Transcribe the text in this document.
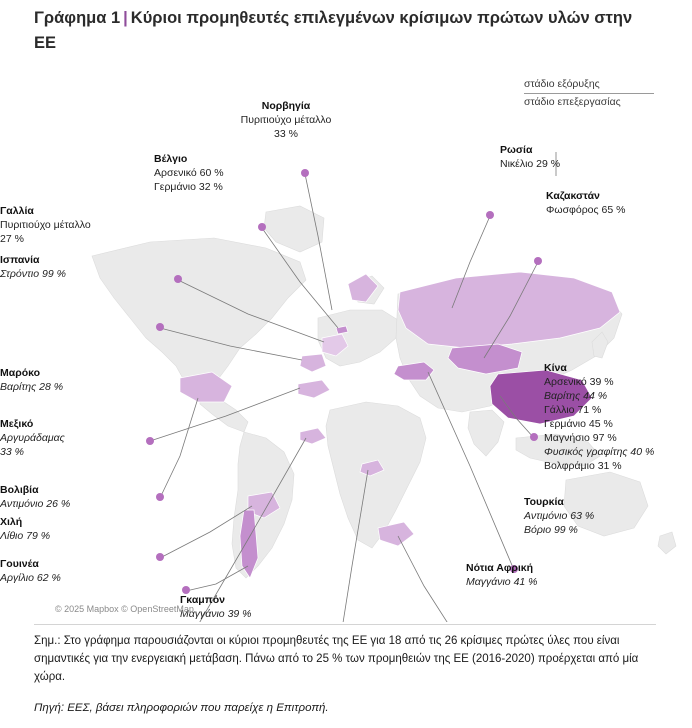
Γράφημα 1 | Κύριοι προμηθευτές επιλεγμένων κρίσιμων πρώτων υλών στην ΕΕ
στάδιο εξόρυξης
στάδιο επεξεργασίας
Νορβηγία
Πυριτιούχο μέταλλο
33 %
Βέλγιο
Αρσενικό 60 %
Γερμάνιο 32 %
Γαλλία
Πυριτιούχο μέταλλο
27 %
Ισπανία
Στρόντιο 99 %
Μαρόκο
Βαρίτης 28 %
Μεξικό
Αργυράδαμας
33 %
Βολιβία
Αντιμόνιο 26 %
Χιλή
Λίθιο 79 %
Γουινέα
Αργίλιο 62 %
Γκαμπόν
Μαγγάνιο 39 %
Νότια Αφρική
Μαγγάνιο 41 %
Τουρκία
Αντιμόνιο 63 %
Βόριο 99 %
Κίνα
Αρσενικό 39 %
Βαρίτης 44 %
Γάλλιο 71 %
Γερμάνιο 45 %
Μαγνήσιο 97 %
Φυσικός γραφίτης 40 %
Βολφράμιο 31 %
Καζακστάν
Φωσφόρος 65 %
Ρωσία
Νικέλιο 29 %
© 2025 Mapbox © OpenStreetMap
Σημ.: Στο γράφημα παρουσιάζονται οι κύριοι προμηθευτές της ΕΕ για 18 από τις 26 κρίσιμες πρώτες ύλες που είναι σημαντικές για την ενεργειακή μετάβαση. Πάνω από το 25 % των προμηθειών της ΕΕ (2016-2020) προέρχεται από μία χώρα.
Πηγή: ΕΕΣ, βάσει πληροφοριών που παρείχε η Επιτροπή.
